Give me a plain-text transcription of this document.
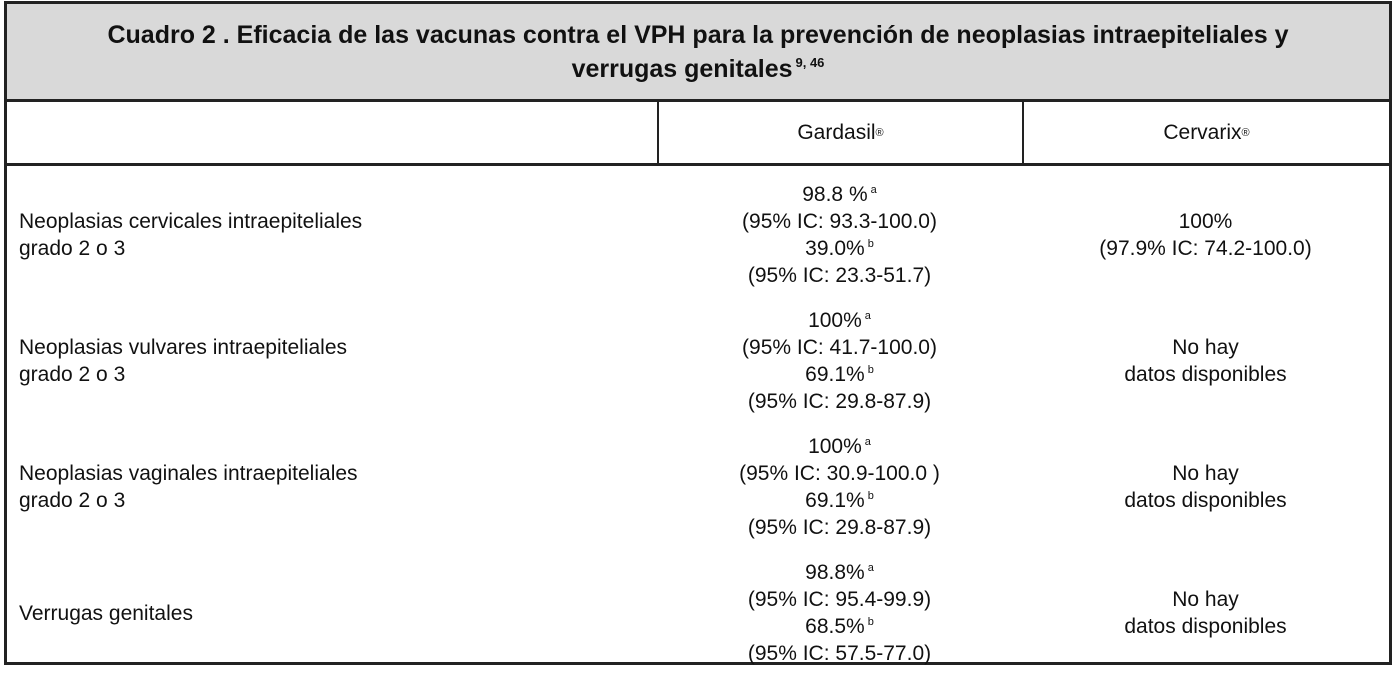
Cuadro 2 . Eficacia de las vacunas contra el VPH para la prevención de neoplasias intraepiteliales y
verrugas genitales $^{9, 46}$
Gardasil ®	Cervarix ®
Neoplasias cervicales intraepiteliales
grado 2 o 3
98.8 % $^a$
(95% IC: 93.3-100.0)
39.0% $^b$
(95% IC: 23.3-51.7)
100%
(97.9% IC: 74.2-100.0)
Neoplasias vulvares intraepiteliales
grado 2 o 3
100% $^a$
(95% IC: 41.7-100.0)
69.1% $^b$
(95% IC: 29.8-87.9)
No hay
datos disponibles
Neoplasias vaginales intraepiteliales
grado 2 o 3
100% $^a$
(95% IC: 30.9-100.0 )
69.1% $^b$
(95% IC: 29.8-87.9)
No hay
datos disponibles
Verrugas genitales
98.8% $^a$
(95% IC: 95.4-99.9)
68.5% $^b$
(95% IC: 57.5-77.0)
No hay
datos disponibles
